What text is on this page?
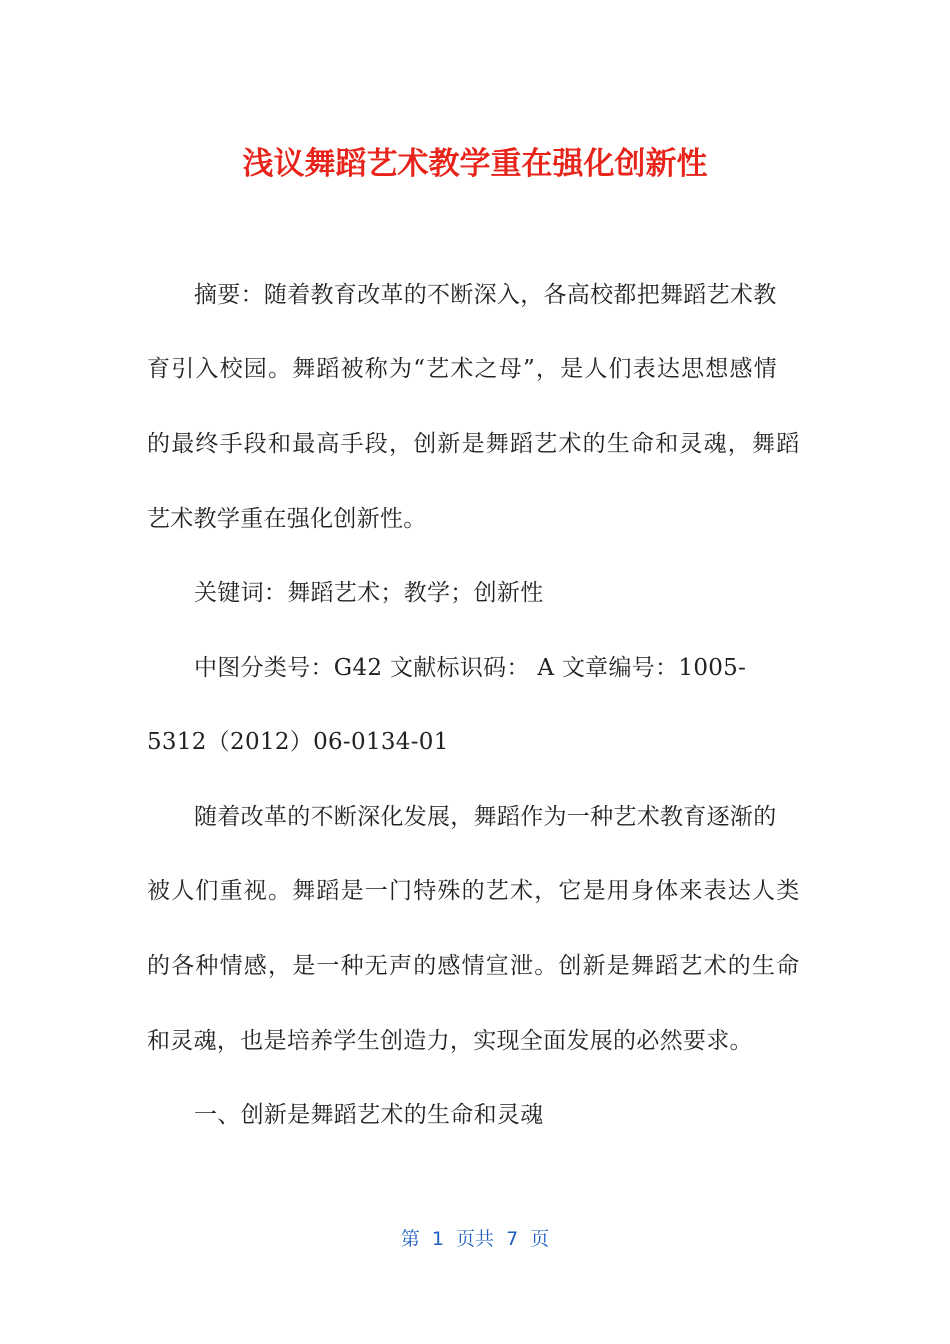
浅议舞蹈艺术教学重在强化创新性
摘要：随着教育改革的不断深入，各高校都把舞蹈艺术教
育引入校园。舞蹈被称为“艺术之母”，是人们表达思想感情
的最终手段和最高手段，创新是舞蹈艺术的生命和灵魂，舞蹈
艺术教学重在强化创新性。
关键词：舞蹈艺术；教学；创新性
中图分类号：G42 文献标识码： A 文章编号：1005-
5312（2012）06-0134-01
随着改革的不断深化发展，舞蹈作为一种艺术教育逐渐的
被人们重视。舞蹈是一门特殊的艺术，它是用身体来表达人类
的各种情感，是一种无声的感情宣泄。创新是舞蹈艺术的生命
和灵魂，也是培养学生创造力，实现全面发展的必然要求。
一、创新是舞蹈艺术的生命和灵魂
第  1  页共  7  页
